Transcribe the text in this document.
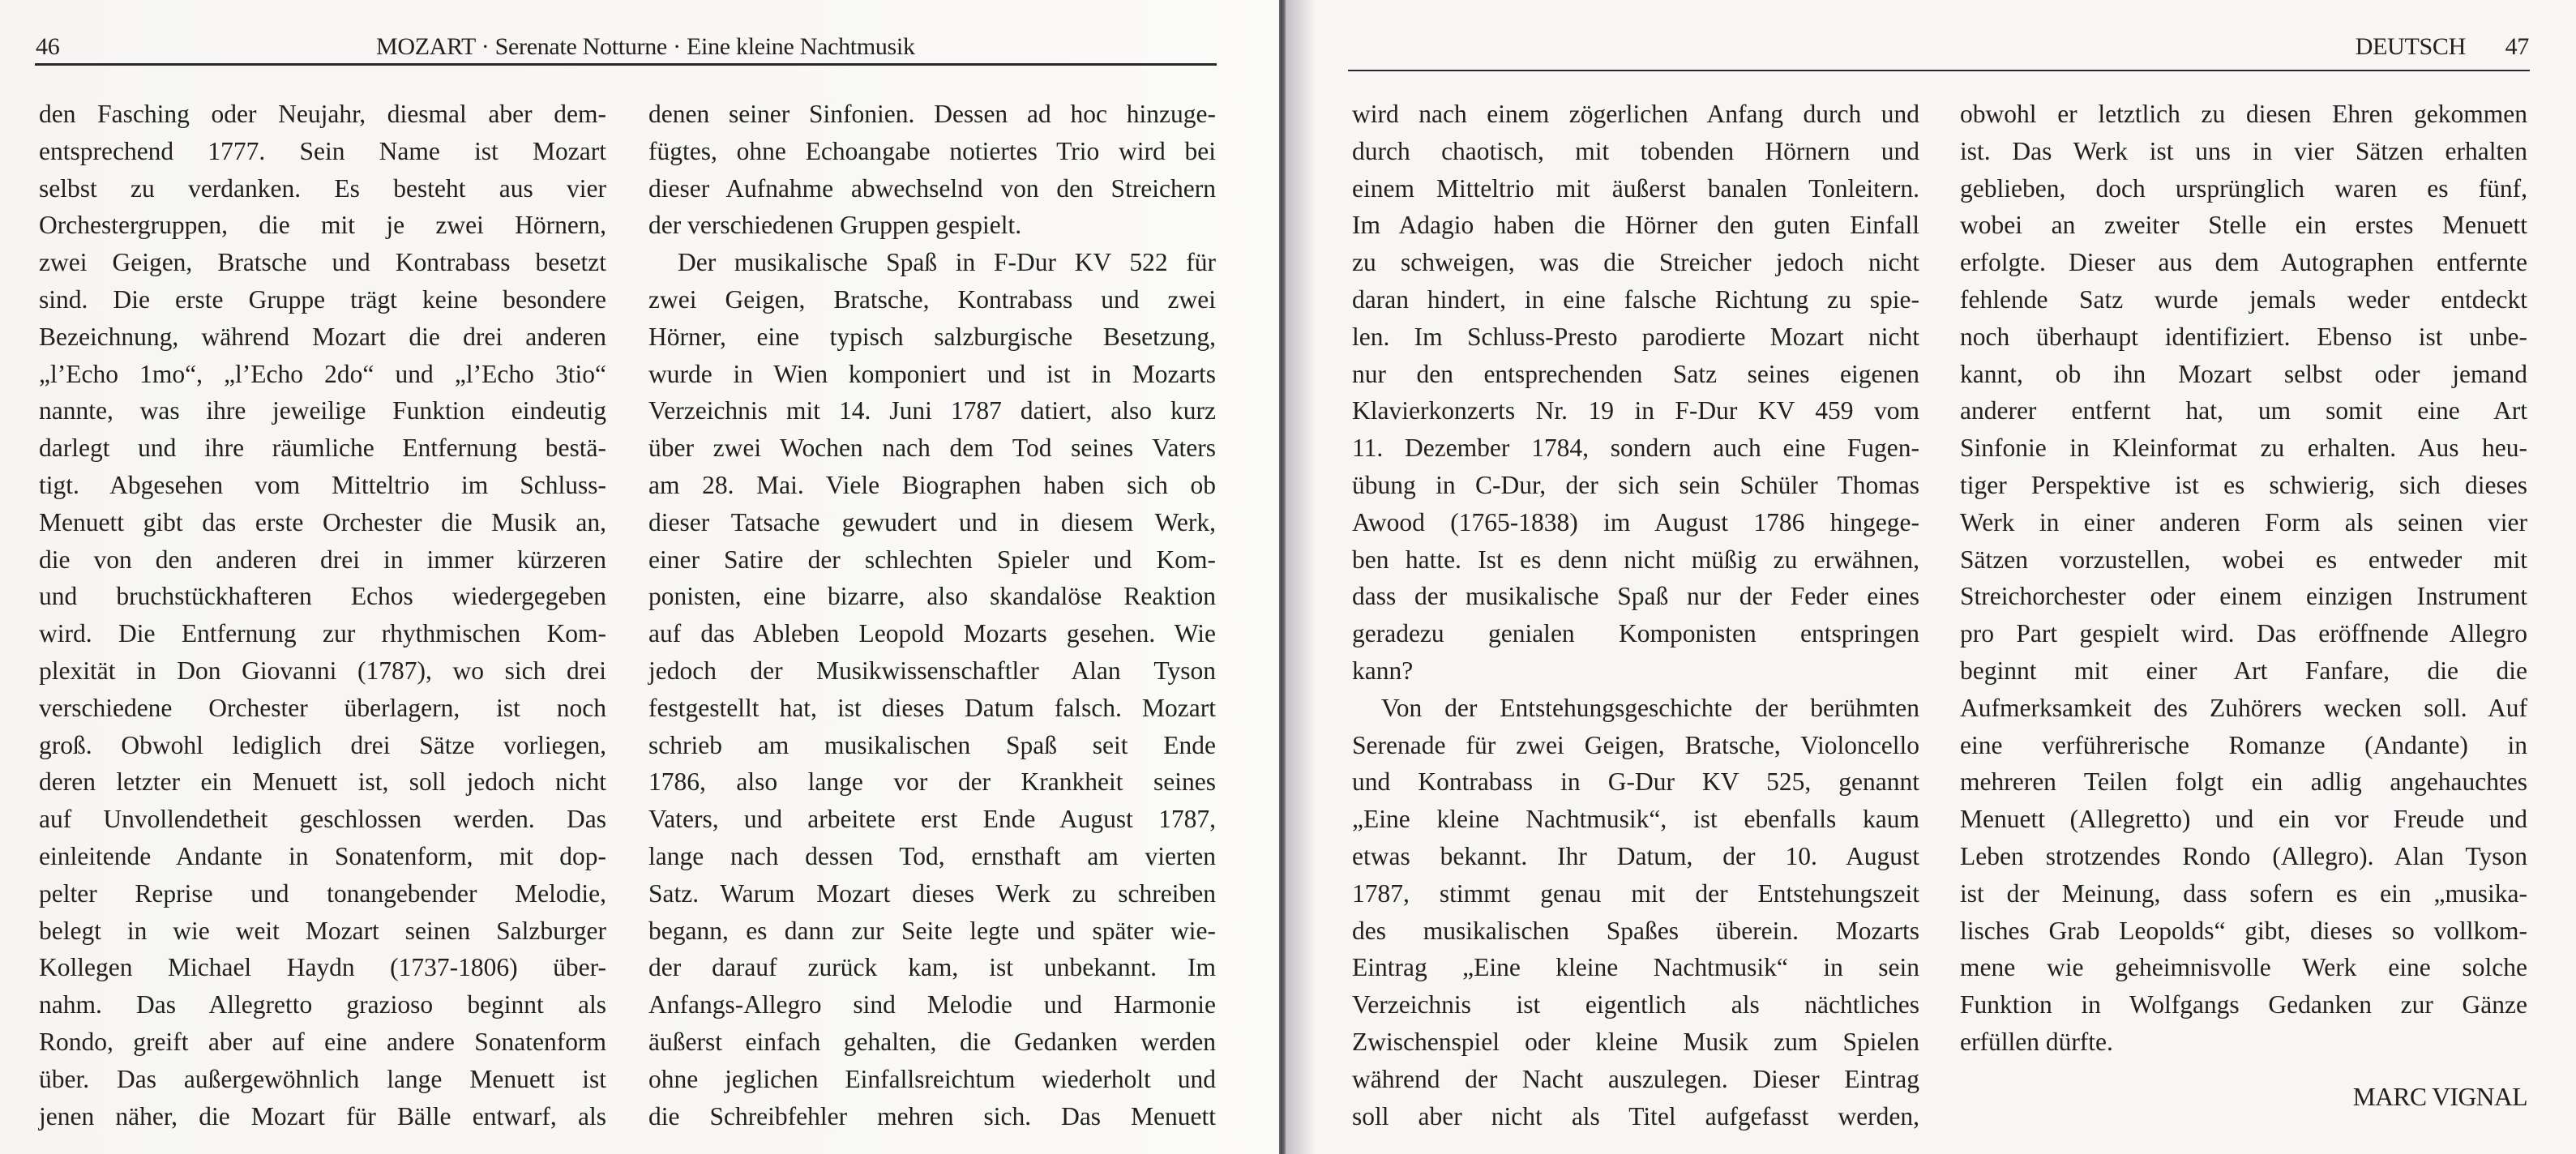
46	MOZART · Serenate Notturne · Eine kleine Nachtmusik
den Fasching oder Neujahr, diesmal aber dem-
entsprechend 1777. Sein Name ist Mozart
selbst zu verdanken. Es besteht aus vier
Orchestergruppen, die mit je zwei Hörnern,
zwei Geigen, Bratsche und Kontrabass besetzt
sind. Die erste Gruppe trägt keine besondere
Bezeichnung, während Mozart die drei anderen
„l’Echo 1mo“, „l’Echo 2do“ und „l’Echo 3tio“
nannte, was ihre jeweilige Funktion eindeutig
darlegt und ihre räumliche Entfernung bestä-
tigt. Abgesehen vom Mitteltrio im Schluss-
Menuett gibt das erste Orchester die Musik an,
die von den anderen drei in immer kürzeren
und bruchstückhafteren Echos wiedergegeben
wird. Die Entfernung zur rhythmischen Kom-
plexität in Don Giovanni (1787), wo sich drei
verschiedene Orchester überlagern, ist noch
groß. Obwohl lediglich drei Sätze vorliegen,
deren letzter ein Menuett ist, soll jedoch nicht
auf Unvollendetheit geschlossen werden. Das
einleitende Andante in Sonatenform, mit dop-
pelter Reprise und tonangebender Melodie,
belegt in wie weit Mozart seinen Salzburger
Kollegen Michael Haydn (1737-1806) über-
nahm. Das Allegretto grazioso beginnt als
Rondo, greift aber auf eine andere Sonatenform
über. Das außergewöhnlich lange Menuett ist
jenen näher, die Mozart für Bälle entwarf, als
denen seiner Sinfonien. Dessen ad hoc hinzuge-
fügtes, ohne Echoangabe notiertes Trio wird bei
dieser Aufnahme abwechselnd von den Streichern
der verschiedenen Gruppen gespielt.
Der musikalische Spaß in F-Dur KV 522 für
zwei Geigen, Bratsche, Kontrabass und zwei
Hörner, eine typisch salzburgische Besetzung,
wurde in Wien komponiert und ist in Mozarts
Verzeichnis mit 14. Juni 1787 datiert, also kurz
über zwei Wochen nach dem Tod seines Vaters
am 28. Mai. Viele Biographen haben sich ob
dieser Tatsache gewudert und in diesem Werk,
einer Satire der schlechten Spieler und Kom-
ponisten, eine bizarre, also skandalöse Reaktion
auf das Ableben Leopold Mozarts gesehen. Wie
jedoch der Musikwissenschaftler Alan Tyson
festgestellt hat, ist dieses Datum falsch. Mozart
schrieb am musikalischen Spaß seit Ende
1786, also lange vor der Krankheit seines
Vaters, und arbeitete erst Ende August 1787,
lange nach dessen Tod, ernsthaft am vierten
Satz. Warum Mozart dieses Werk zu schreiben
begann, es dann zur Seite legte und später wie-
der darauf zurück kam, ist unbekannt. Im
Anfangs-Allegro sind Melodie und Harmonie
äußerst einfach gehalten, die Gedanken werden
ohne jeglichen Einfallsreichtum wiederholt und
die Schreibfehler mehren sich. Das Menuett
DEUTSCH 47
wird nach einem zögerlichen Anfang durch und
durch chaotisch, mit tobenden Hörnern und
einem Mitteltrio mit äußerst banalen Tonleitern.
Im Adagio haben die Hörner den guten Einfall
zu schweigen, was die Streicher jedoch nicht
daran hindert, in eine falsche Richtung zu spie-
len. Im Schluss-Presto parodierte Mozart nicht
nur den entsprechenden Satz seines eigenen
Klavierkonzerts Nr. 19 in F-Dur KV 459 vom
11. Dezember 1784, sondern auch eine Fugen-
übung in C-Dur, der sich sein Schüler Thomas
Awood (1765-1838) im August 1786 hingege-
ben hatte. Ist es denn nicht müßig zu erwähnen,
dass der musikalische Spaß nur der Feder eines
geradezu genialen Komponisten entspringen
kann?
Von der Entstehungsgeschichte der berühmten
Serenade für zwei Geigen, Bratsche, Violoncello
und Kontrabass in G-Dur KV 525, genannt
„Eine kleine Nachtmusik“, ist ebenfalls kaum
etwas bekannt. Ihr Datum, der 10. August
1787, stimmt genau mit der Entstehungszeit
des musikalischen Spaßes überein. Mozarts
Eintrag „Eine kleine Nachtmusik“ in sein
Verzeichnis ist eigentlich als nächtliches
Zwischenspiel oder kleine Musik zum Spielen
während der Nacht auszulegen. Dieser Eintrag
soll aber nicht als Titel aufgefasst werden,
obwohl er letztlich zu diesen Ehren gekommen
ist. Das Werk ist uns in vier Sätzen erhalten
geblieben, doch ursprünglich waren es fünf,
wobei an zweiter Stelle ein erstes Menuett
erfolgte. Dieser aus dem Autographen entfernte
fehlende Satz wurde jemals weder entdeckt
noch überhaupt identifiziert. Ebenso ist unbe-
kannt, ob ihn Mozart selbst oder jemand
anderer entfernt hat, um somit eine Art
Sinfonie in Kleinformat zu erhalten. Aus heu-
tiger Perspektive ist es schwierig, sich dieses
Werk in einer anderen Form als seinen vier
Sätzen vorzustellen, wobei es entweder mit
Streichorchester oder einem einzigen Instrument
pro Part gespielt wird. Das eröffnende Allegro
beginnt mit einer Art Fanfare, die die
Aufmerksamkeit des Zuhörers wecken soll. Auf
eine verführerische Romanze (Andante) in
mehreren Teilen folgt ein adlig angehauchtes
Menuett (Allegretto) und ein vor Freude und
Leben strotzendes Rondo (Allegro). Alan Tyson
ist der Meinung, dass sofern es ein „musika-
lisches Grab Leopolds“ gibt, dieses so vollkom-
mene wie geheimnisvolle Werk eine solche
Funktion in Wolfgangs Gedanken zur Gänze
erfüllen dürfte.
MARC VIGNAL
